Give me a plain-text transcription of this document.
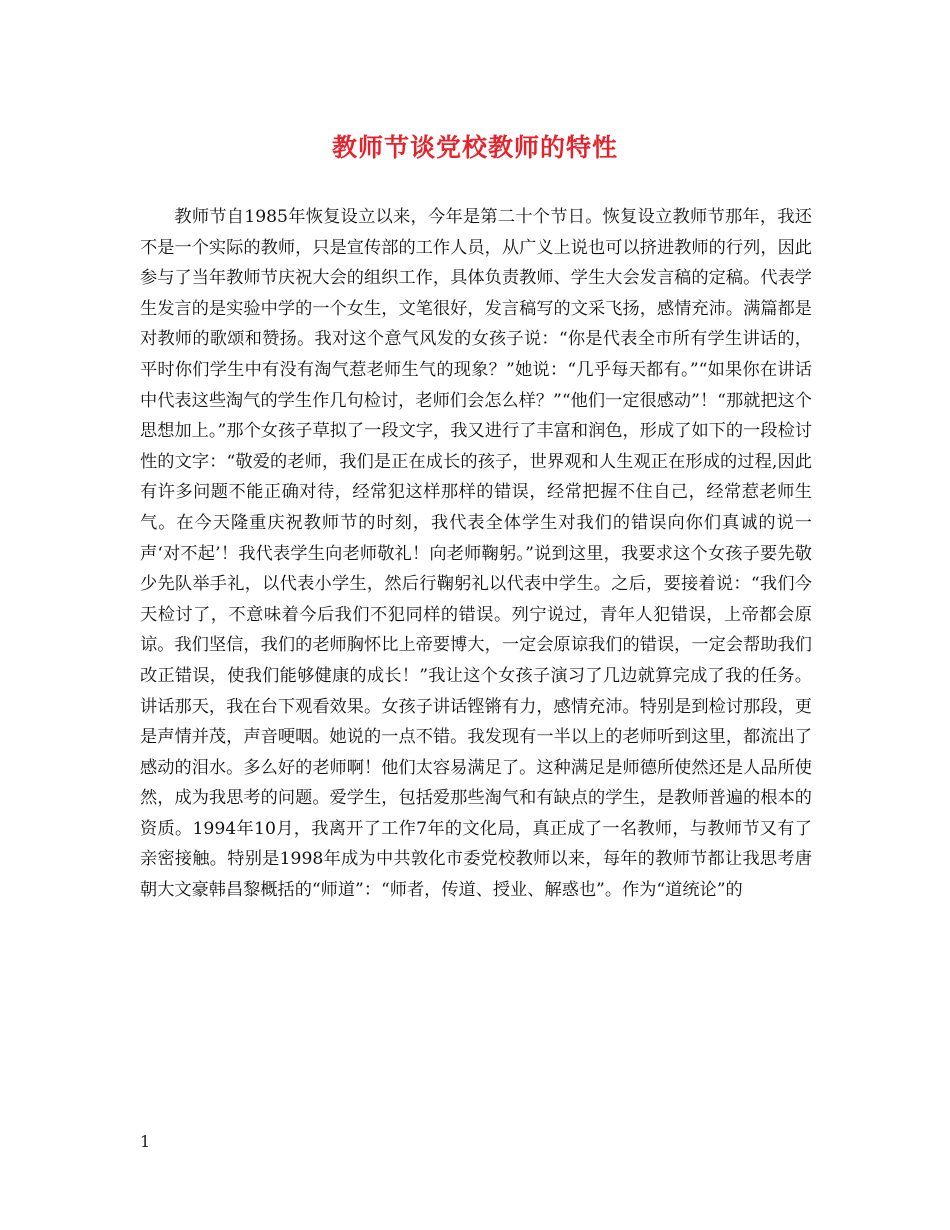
教师节谈党校教师的特性

教师节自1985年恢复设立以来，今年是第二十个节日。恢复设立教师节那年，我还不是一个实际的教师，只是宣传部的工作人员，从广义上说也可以挤进教师的行列，因此参与了当年教师节庆祝大会的组织工作，具体负责教师、学生大会发言稿的定稿。代表学生发言的是实验中学的一个女生，文笔很好，发言稿写的文采飞扬，感情充沛。满篇都是对教师的歌颂和赞扬。我对这个意气风发的女孩子说：“你是代表全市所有学生讲话的，平时你们学生中有没有淘气惹老师生气的现象？”她说：“几乎每天都有。”“如果你在讲话中代表这些淘气的学生作几句检讨，老师们会怎么样？”“他们一定很感动”！“那就把这个思想加上。”那个女孩子草拟了一段文字，我又进行了丰富和润色，形成了如下的一段检讨性的文字：“敬爱的老师，我们是正在成长的孩子，世界观和人生观正在形成的过程,因此有许多问题不能正确对待，经常犯这样那样的错误，经常把握不住自己，经常惹老师生气。在今天隆重庆祝教师节的时刻，我代表全体学生对我们的错误向你们真诚的说一声‘对不起’！我代表学生向老师敬礼！向老师鞠躬。”说到这里，我要求这个女孩子要先敬少先队举手礼，以代表小学生，然后行鞠躬礼以代表中学生。之后，要接着说：“我们今天检讨了，不意味着今后我们不犯同样的错误。列宁说过，青年人犯错误，上帝都会原谅。我们坚信，我们的老师胸怀比上帝要博大，一定会原谅我们的错误，一定会帮助我们改正错误，使我们能够健康的成长！”我让这个女孩子演习了几边就算完成了我的任务。讲话那天，我在台下观看效果。女孩子讲话铿锵有力，感情充沛。特别是到检讨那段，更是声情并茂，声音哽咽。她说的一点不错。我发现有一半以上的老师听到这里，都流出了感动的泪水。多么好的老师啊！他们太容易满足了。这种满足是师德所使然还是人品所使然，成为我思考的问题。爱学生，包括爱那些淘气和有缺点的学生，是教师普遍的根本的资质。1994年10月，我离开了工作7年的文化局，真正成了一名教师，与教师节又有了亲密接触。特别是1998年成为中共敦化市委党校教师以来，每年的教师节都让我思考唐朝大文豪韩昌黎概括的“师道”：“师者，传道、授业、解惑也”。作为“道统论”的

1
